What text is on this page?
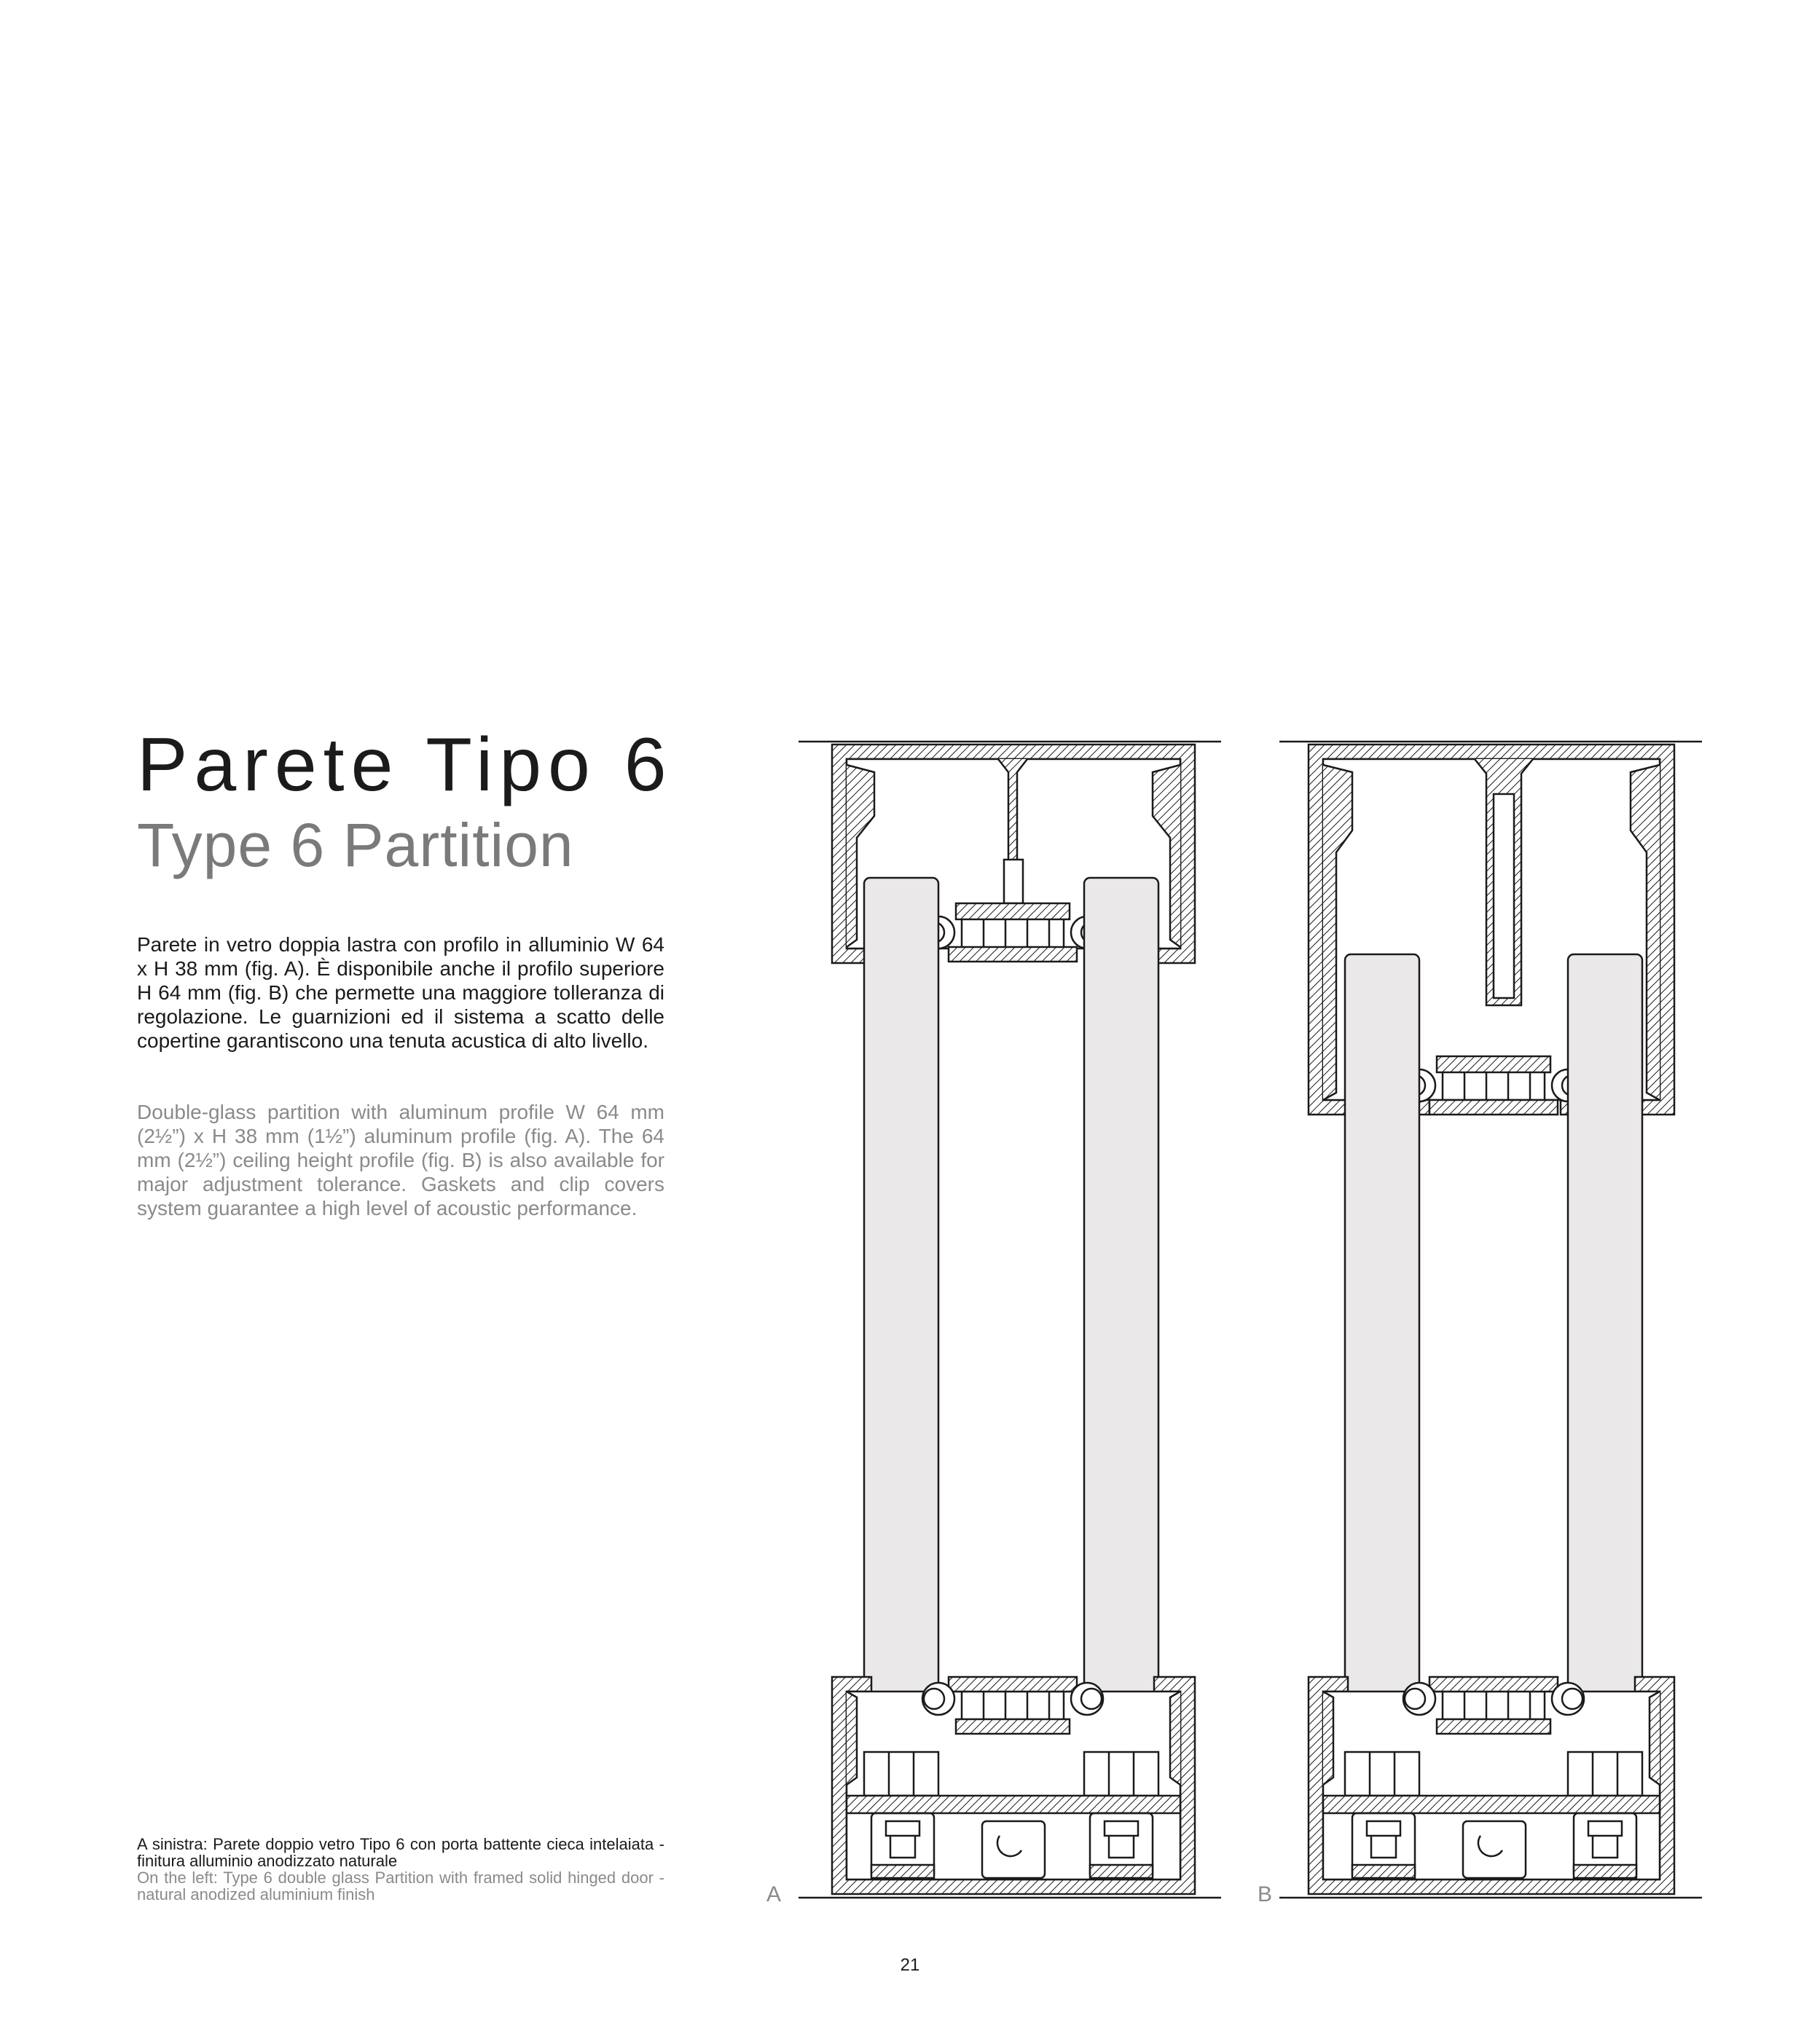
Parete Tipo 6
Type 6 Partition

Parete in vetro doppia lastra con profilo in alluminio W 64 x H 38 mm (fig. A). È disponibile anche il profilo superiore H 64 mm (fig. B) che permette una maggiore tolleranza di regolazione. Le guarnizioni ed il sistema a scatto delle copertine garantiscono una tenuta acustica di alto livello.

Double-glass partition with aluminum profile W 64 mm (2½”) x H 38 mm (1½”) aluminum profile (fig. A). The 64 mm (2½”) ceiling height profile (fig. B) is also available for major adjustment tolerance. Gaskets and clip covers system guarantee a high level of acoustic performance.

A sinistra: Parete doppio vetro Tipo 6 con porta battente cieca intelaiata - finitura alluminio anodizzato naturale

On the left: Type 6 double glass Partition with framed solid hinged door - natural anodized aluminium finish	A	B
21
